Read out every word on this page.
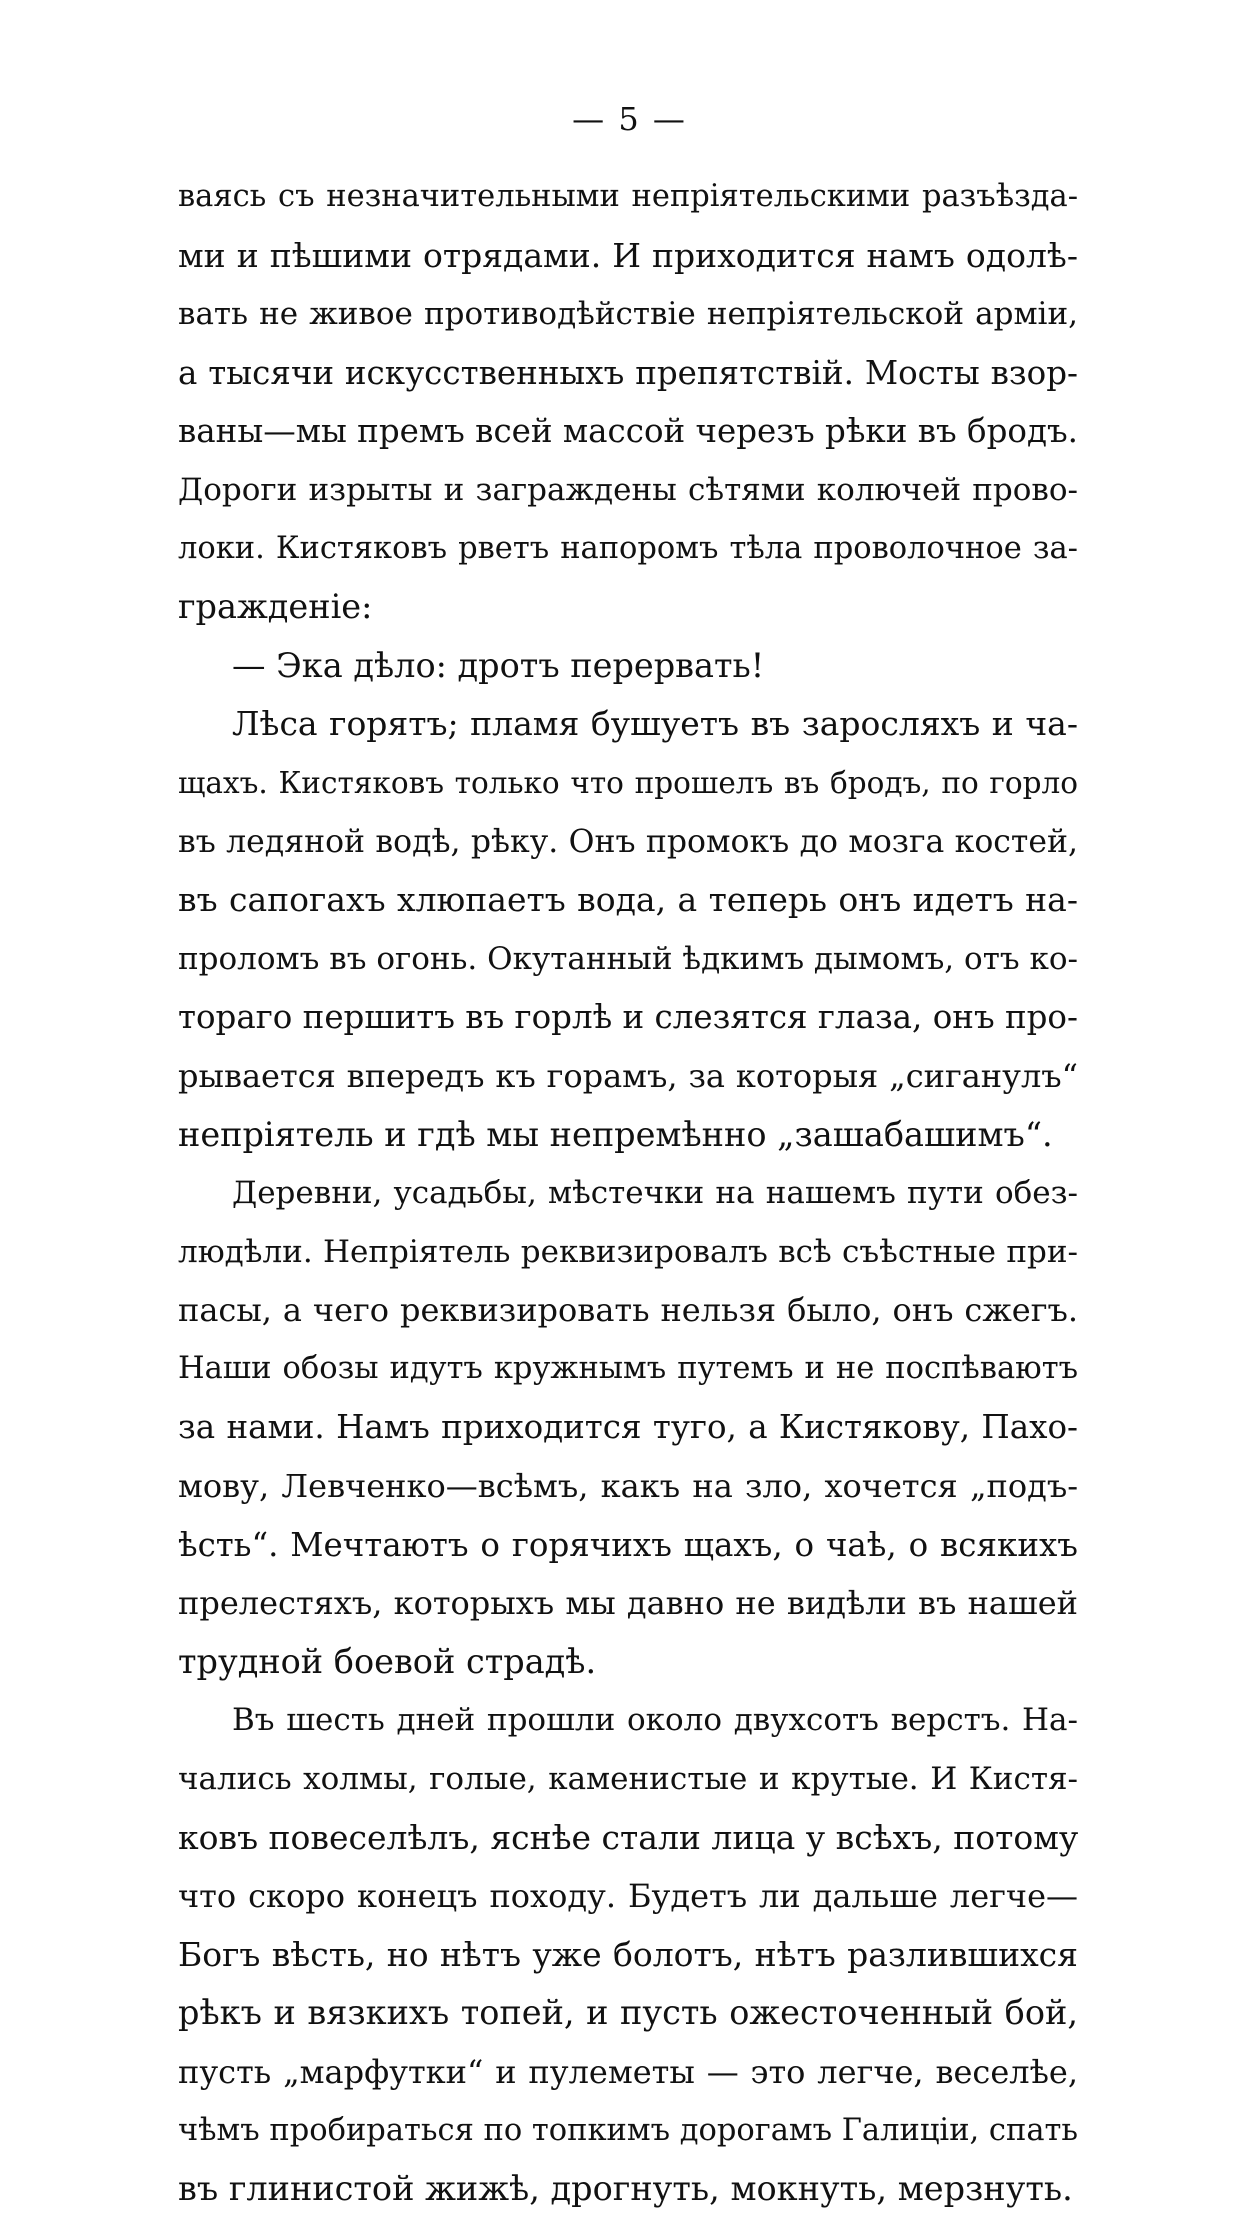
— 5 —
ваясь съ незначительными непріятельскими разъѣзда-
ми и пѣшими отрядами. И приходится намъ одолѣ-
вать не живое противодѣйствіе непріятельской арміи,
а тысячи искусственныхъ препятствій. Мосты взор-
ваны—мы премъ всей массой черезъ рѣки въ бродъ.
Дороги изрыты и заграждены сѣтями колючей прово-
локи. Кистяковъ рветъ напоромъ тѣла проволочное за-
гражденіе:
— Эка дѣло: дротъ перервать!
Лѣса горятъ; пламя бушуетъ въ заросляхъ и ча-
щахъ. Кистяковъ только что прошелъ въ бродъ, по горло
въ ледяной водѣ, рѣку. Онъ промокъ до мозга костей,
въ сапогахъ хлюпаетъ вода, а теперь онъ идетъ на-
проломъ въ огонь. Окутанный ѣдкимъ дымомъ, отъ ко-
тораго першитъ въ горлѣ и слезятся глаза, онъ про-
рывается впередъ къ горамъ, за которыя „сиганулъ“
непріятель и гдѣ мы непремѣнно „зашабашимъ“.
Деревни, усадьбы, мѣстечки на нашемъ пути обез-
людѣли. Непріятель реквизировалъ всѣ съѣстные при-
пасы, а чего реквизировать нельзя было, онъ сжегъ.
Наши обозы идутъ кружнымъ путемъ и не поспѣваютъ
за нами. Намъ приходится туго, а Кистякову, Пахо-
мову, Левченко—всѣмъ, какъ на зло, хочется „подъ-
ѣсть“. Мечтаютъ о горячихъ щахъ, о чаѣ, о всякихъ
прелестяхъ, которыхъ мы давно не видѣли въ нашей
трудной боевой страдѣ.
Въ шесть дней прошли около двухсотъ верстъ. На-
чались холмы, голые, каменистые и крутые. И Кистя-
ковъ повеселѣлъ, яснѣе стали лица у всѣхъ, потому
что скоро конецъ походу. Будетъ ли дальше легче—
Богъ вѣсть, но нѣтъ уже болотъ, нѣтъ разлившихся
рѣкъ и вязкихъ топей, и пусть ожесточенный бой,
пусть „марфутки“ и пулеметы — это легче, веселѣе,
чѣмъ пробираться по топкимъ дорогамъ Галиціи, спать
въ глинистой жижѣ, дрогнуть, мокнуть, мерзнуть.
